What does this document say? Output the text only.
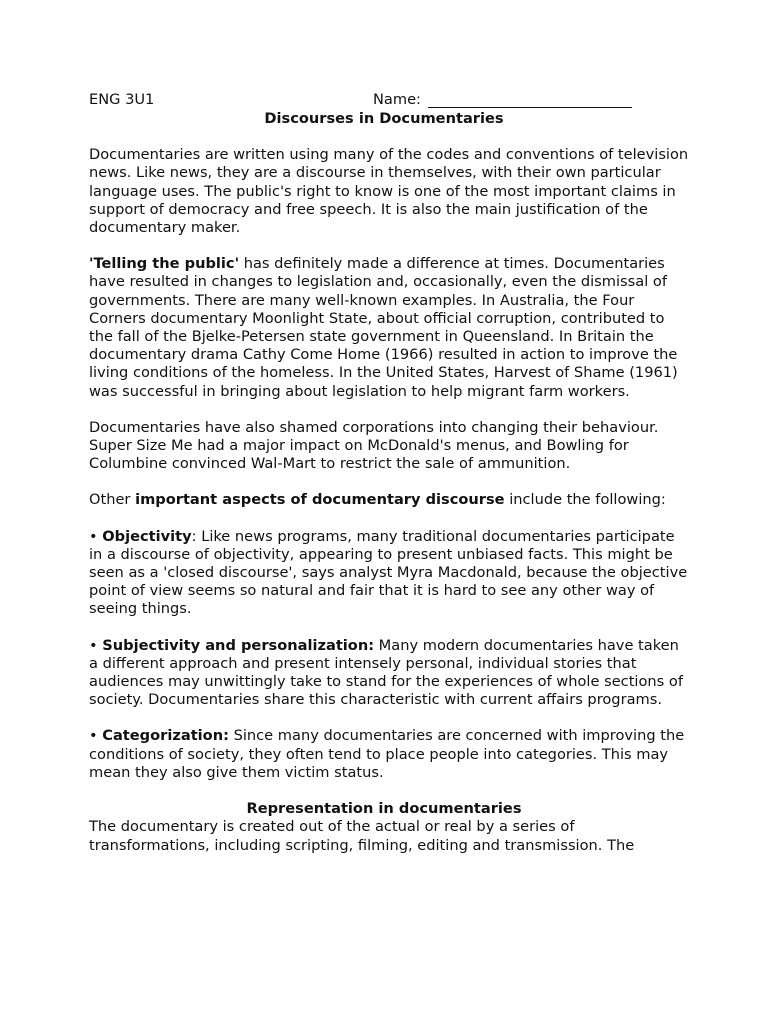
ENG 3U1	Name:
Discourses in Documentaries

Documentaries are written using many of the codes and conventions of television news. Like news, they are a discourse in themselves, with their own particular language uses. The public's right to know is one of the most important claims in support of democracy and free speech. It is also the main justification of the documentary maker.

'Telling the public' has definitely made a difference at times. Documentaries have resulted in changes to legislation and, occasionally, even the dismissal of governments. There are many well-known examples. In Australia, the Four Corners documentary Moonlight State, about official corruption, contributed to the fall of the Bjelke-Petersen state government in Queensland. In Britain the documentary drama Cathy Come Home (1966) resulted in action to improve the living conditions of the homeless. In the United States, Harvest of Shame (1961) was successful in bringing about legislation to help migrant farm workers.

Documentaries have also shamed corporations into changing their behaviour. Super Size Me had a major impact on McDonald's menus, and Bowling for Columbine convinced Wal-Mart to restrict the sale of ammunition.

Other important aspects of documentary discourse include the following:

• Objectivity: Like news programs, many traditional documentaries participate in a discourse of objectivity, appearing to present unbiased facts. This might be seen as a 'closed discourse', says analyst Myra Macdonald, because the objective point of view seems so natural and fair that it is hard to see any other way of seeing things.

• Subjectivity and personalization: Many modern documentaries have taken a different approach and present intensely personal, individual stories that audiences may unwittingly take to stand for the experiences of whole sections of society. Documentaries share this characteristic with current affairs programs.

• Categorization: Since many documentaries are concerned with improving the conditions of society, they often tend to place people into categories. This may mean they also give them victim status.

Representation in documentaries

The documentary is created out of the actual or real by a series of transformations, including scripting, filming, editing and transmission. The
